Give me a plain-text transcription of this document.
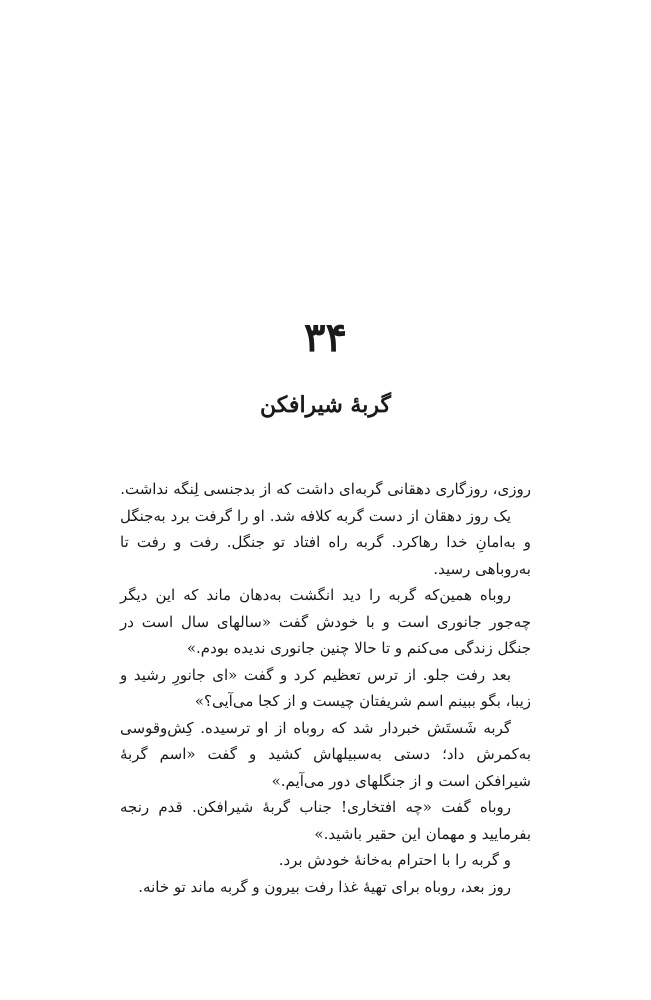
۳۴
گربهٔ شیرافکن

روزی، روزگاری دهقانی گربه‌ای داشت که از بدجنسی لِنگه نداشت.

یک روز دهقان از دست گربه کلافه شد. او را گرفت برد به‌جنگل و به‌امانِ خدا رهاکرد. گربه راه افتاد تو جنگل. رفت و رفت تا به‌روباهی رسید.

روباه همین‌که گربه را دید انگشت به‌دهان ماند که این دیگر چه‌جور جانوری است و با خودش گفت «سالهای سال است در جنگل زندگی می‌کنم و تا حالا چنین جانوری ندیده بودم.»

بعد رفت جلو. از ترس تعظیم کرد و گفت «ای جانورِ رشید و زیبا، بگو ببینم اسم شریفتان چیست و از کجا می‌آیی؟»

گربه شَستَش خبردار شد که روباه از او ترسیده. کِش‌وقوسی به‌کمرش داد؛ دستی به‌سبیلهاش کشید و گفت «اسم گربهٔ شیرافکن است و از جنگلهای دور می‌آیم.»

روباه گفت «چه افتخاری! جناب گربهٔ شیرافکن. قدم رنجه بفرمایید و مهمان این حقیر باشید.»

و گربه را با احترام به‌خانهٔ خودش برد.

روز بعد، روباه برای تهیهٔ غذا رفت بیرون و گربه ماند تو خانه.
